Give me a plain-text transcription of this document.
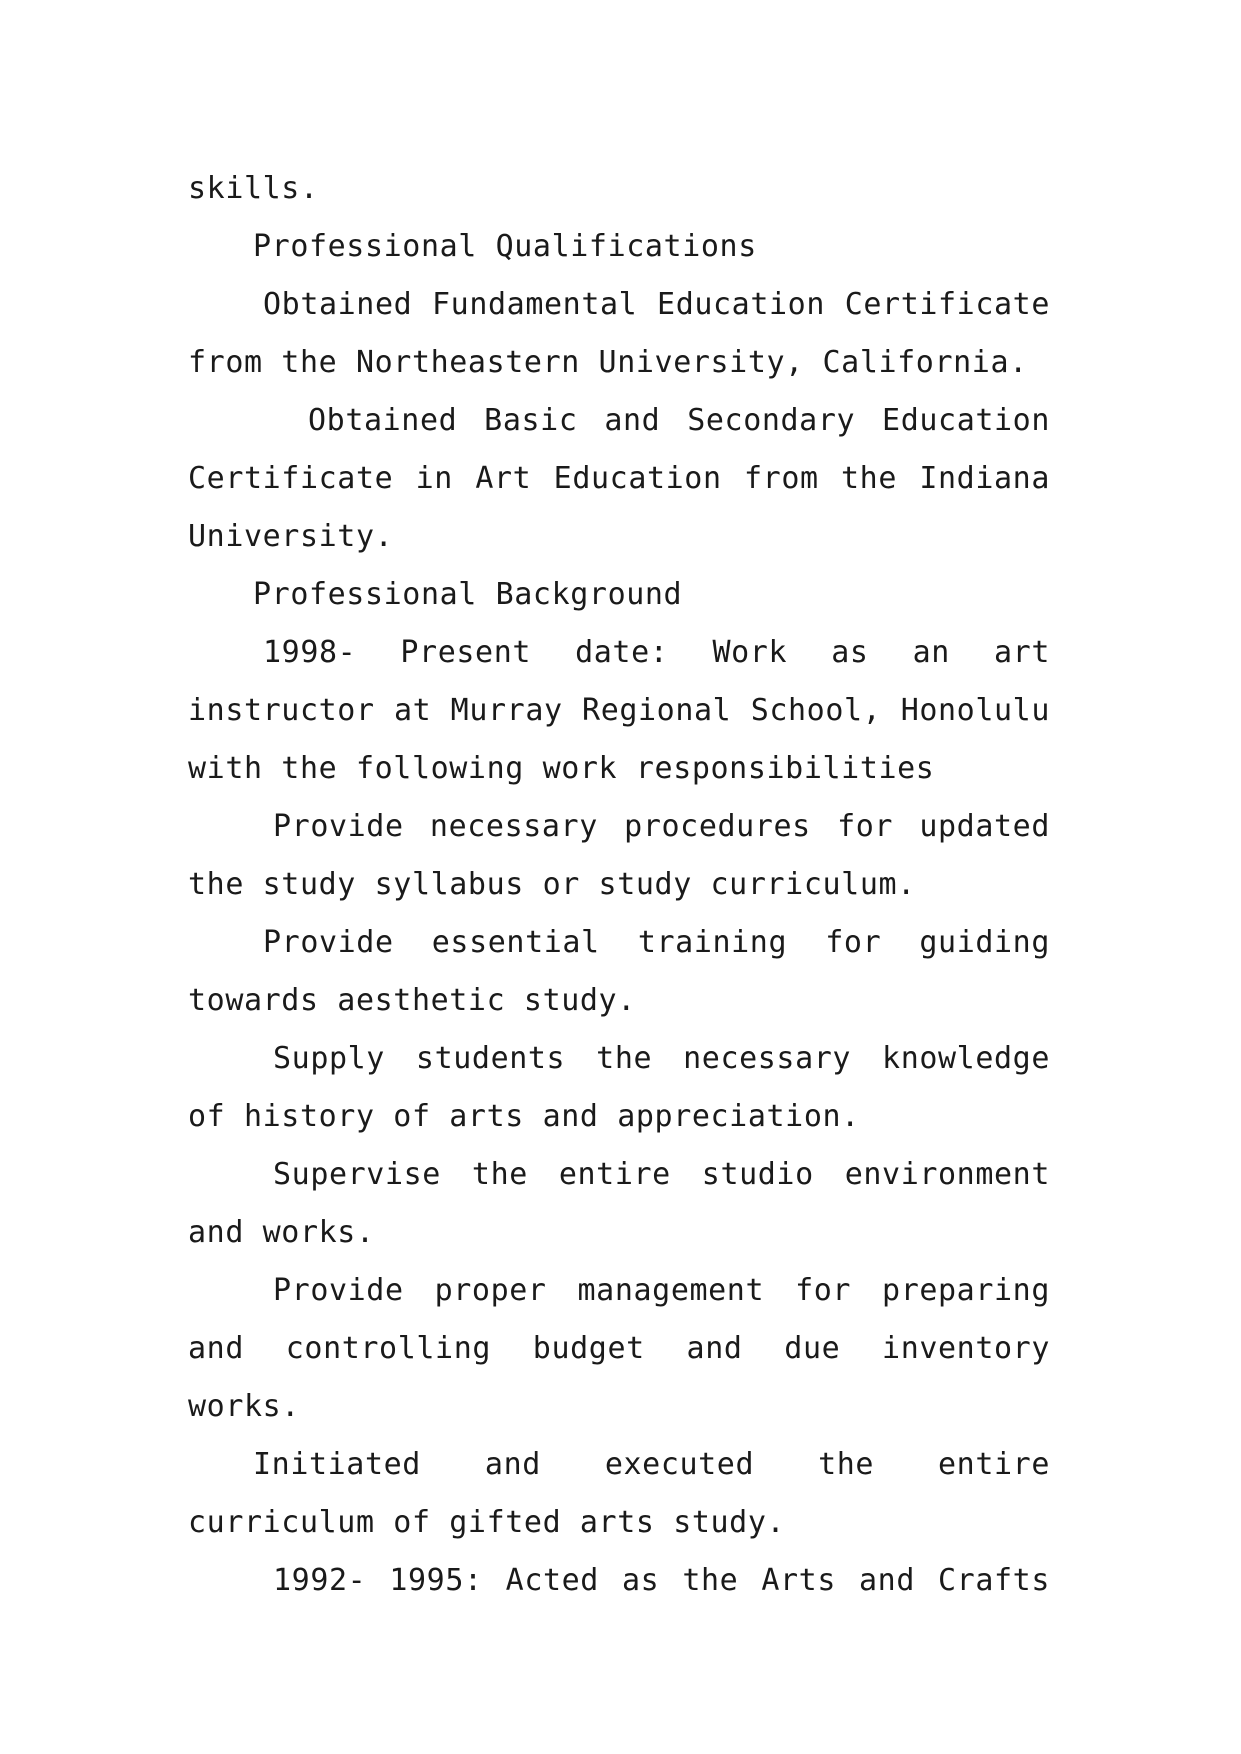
skills.

Professional Qualifications

Obtained Fundamental Education Certificate from the Northeastern University, California.

Obtained Basic and Secondary Education Certificate in Art Education from the Indiana University.

Professional Background

1998- Present date: Work as an art instructor at Murray Regional School, Honolulu with the following work responsibilities

Provide necessary procedures for updated the study syllabus or study curriculum.

Provide essential training for guiding towards aesthetic study.

Supply students the necessary knowledge of history of arts and appreciation.

Supervise the entire studio environment and works.

Provide proper management for preparing and controlling budget and due inventory works.

Initiated and executed the entire curriculum of gifted arts study.

1992- 1995: Acted as the Arts and Crafts
